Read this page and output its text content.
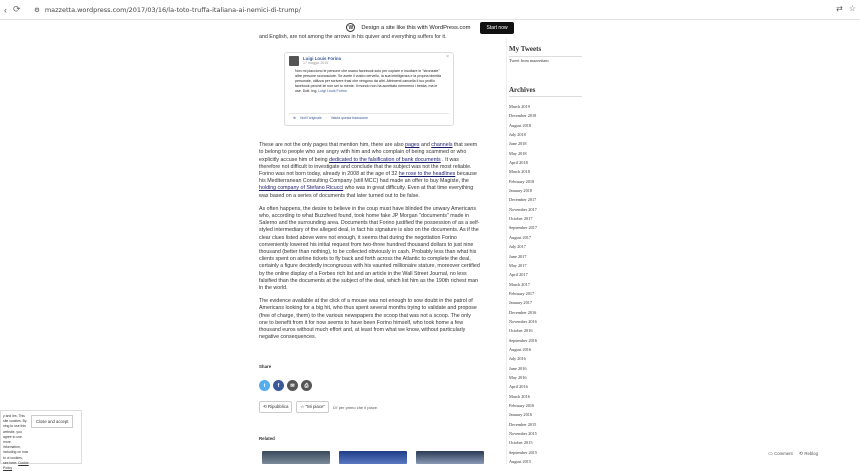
‹ ⟳ ⚙ mazzetta.wordpress.com/2017/03/16/la-toto-truffa-italiana-ai-nemici-di-trump/	⇄ ☆
W	Design a site like this with WordPress.com	Start now

and English, are not among the arrows in his quiver and everything suffers for it.

These are not the only pages that mention him, there are also pages and channels that seem to belong to people who are angry with him and who complain of being scammed or who explicitly accuse him of being dedicated to the falsification of bank documents . It was therefore not difficult to investigate and conclude that the subject was not the most reliable. Forino was not born today, already in 2008 at the age of 32 he rose to the headlines because his Mediterranean Consulting Company (still MCC) had made an offer to buy Magiste, the holding company of Stefano Ricucci who was in great difficulty. Even at that time everything was based on a series of documents that later turned out to be false.

As often happens, the desire to believe in the coup must have blinded the unwary Americans who, according to what Buzzfeed found, took home fake JP Morgan "documents" made in Salerno and the surrounding area. Documents that Forino justified the possession of as a self-styled intermediary of the alleged deal, in fact his signature is also on the documents. As if the clear clues listed above were not enough, it seems that during the negotiation Forino conveniently lowered his initial request from two-three hundred thousand dollars to just nine thousand (better than nothing), to be collected obviously in cash. Probably less than what his clients spent on airline tickets to fly back and forth across the Atlantic to complete the deal, certainly a figure decidedly incongruous with his vaunted millionaire stature, moreover certified by the online display of a Forbes rich list and an article in the Wall Street Journal, no less falsified than the documents at the subject of the deal, which list him as the 190th richest man in the world.

The evidence available at the click of a mouse was not enough to sow doubt in the patrol of Americans looking for a big hit, who thus spent several months trying to validate and propose (free of charge, them) to the various newspapers the scoop that was not a scoop. The only one to benefit from it for now seems to have been Forino himself, who took home a few thousand euros without much effort and, at least from what we know, without particularly negative consequences.

Luigi Louis Forino
17 maggio 2015
×
Non mi piacciono le persone che usano facebook solo per copiare e incollare le "stronzate" altre persone sconosciute. Se avete il vostro cervello, la sua intelligenza e la propria identità personale, utilizza per scrivere frasi che vengono da altri. Altrimenti cancella il tuo profilo facebook perché lei non sei tu mente. Il mondo non ha accettato nemmeno i bestia, ma le use. Dott. Ing. Luigi Louis Forino
⊕ Vedi l'originale · Valuta questa traduzione
Share
t	f	✉	⎙
⟲ Ripubblica	☆ "Mi piace"	Di' per primo che ti piace.
Related
My Tweets
Tweet from mazzettam
Archives
March 2019
December 2018
August 2018
July 2018
June 2018
May 2018
April 2018
March 2018
February 2018
January 2018
December 2017
November 2017
October 2017
September 2017
August 2017
July 2017
June 2017
May 2017
April 2017
March 2017
February 2017
January 2017
December 2016
November 2016
October 2016
September 2016
August 2016
July 2016
June 2016
May 2016
April 2016
March 2016
February 2016
January 2016
December 2015
November 2015
October 2015
September 2015
August 2015
y and ies: This site cookies. By ning to use this website, you agree to use. more information, including on how to ol cookies, see here: Cookie Policy
Close and accept
▭ Comment ⟲ Reblog
